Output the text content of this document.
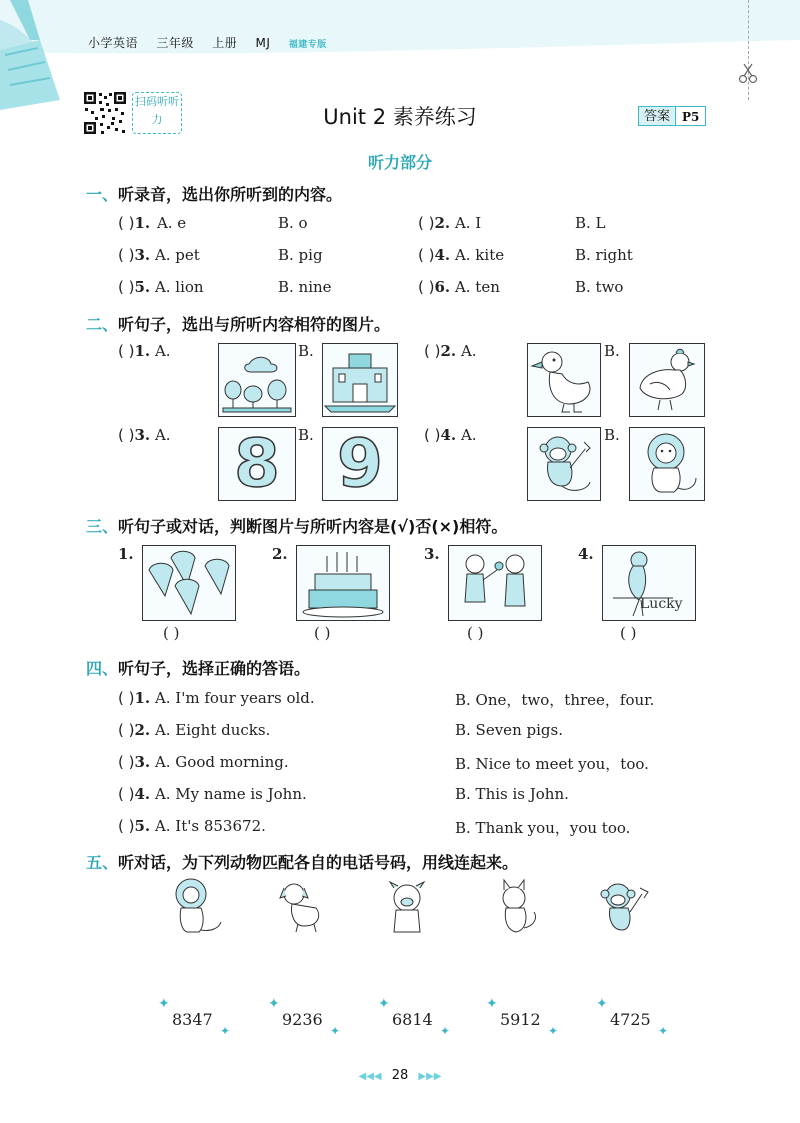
小学英语 三年级 上册 MJ 福建专版
扫码听听力	Unit 2 素养练习	答案	P5
听力部分
一、听录音，选出你所听到的内容。
( )1. A. e	B. o	( )2. A. I	B. L
( )3. A. pet	B. pig	( )4. A. kite	B. right
( )5. A. lion	B. nine	( )6. A. ten	B. two
二、听句子，选出与所听内容相符的图片。
( )1. A.	B.	( )2. A.	B.
( )3. A. 8	B. 9	( )4. A.	B.
三、听句子或对话，判断图片与所听内容是(√)否(×)相符。
1.
( )
2.
( )
3.
( )
4.
Lucky
( )
四、听句子，选择正确的答语。
( )1. A. I'm four years old.	B. One，two，three，four.
( )2. A. Eight ducks.	B. Seven pigs.
( )3. A. Good morning.	B. Nice to meet you，too.
( )4. A. My name is John.	B. This is John.
( )5. A. It's 853672.	B. Thank you，you too.
五、听对话，为下列动物匹配各自的电话号码，用线连起来。
✦
8347
✦
✦
9236
✦
✦
6814
✦
✦
5912
✦
✦
4725
✦
◀◀◀ 28 ▶▶▶
